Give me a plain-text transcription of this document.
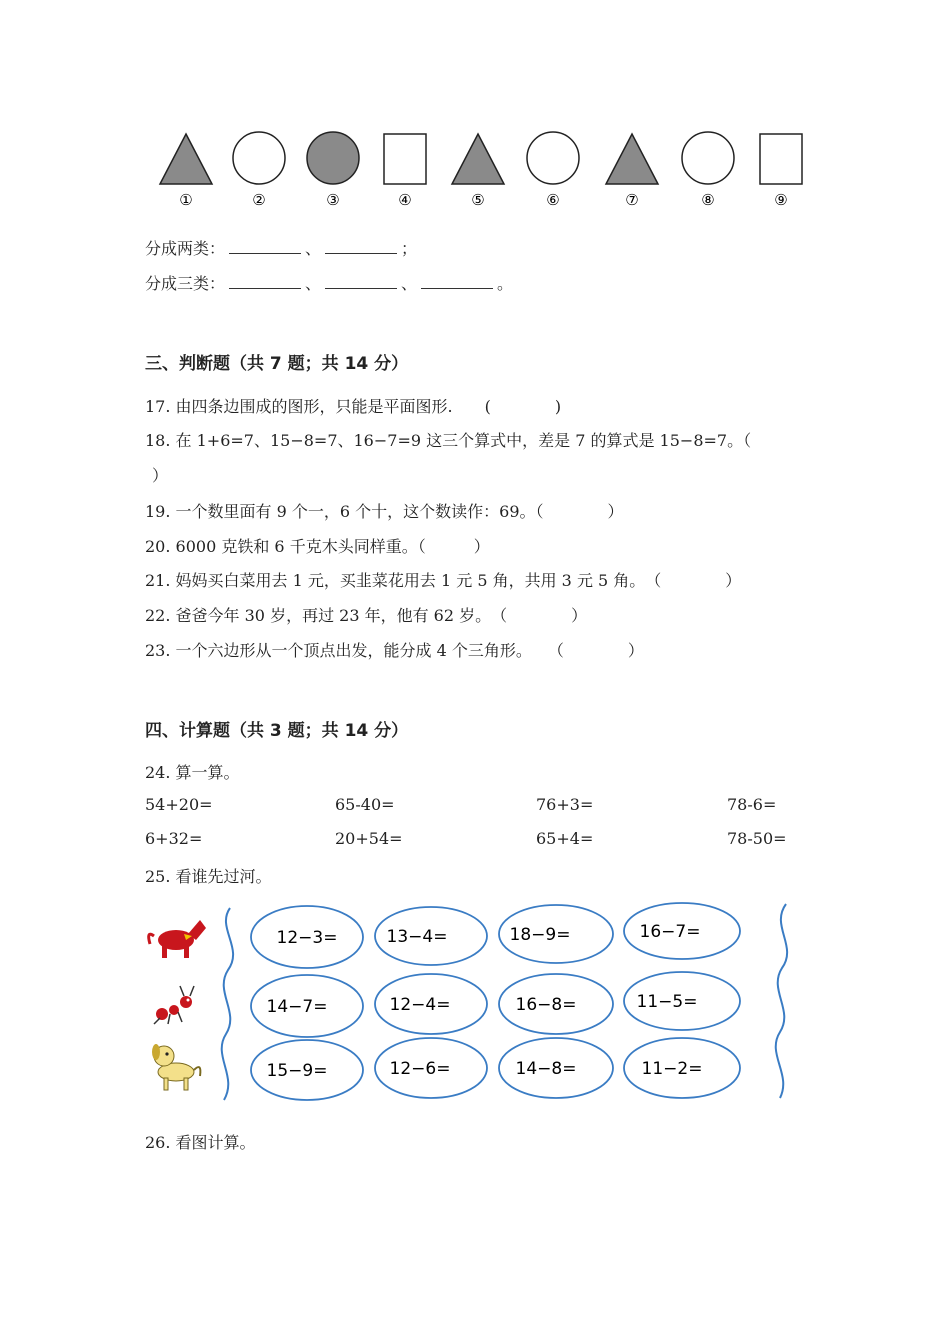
①	②	③	④	⑤	⑥	⑦	⑧	⑨
分成两类：	、	；
分成三类：	、	、	。
三、判断题（共 7 题；共 14 分）
17. 由四条边围成的图形，只能是平面图形.　　(　　　　)
18. 在 1+6=7、15−8=7、16−7=9 这三个算式中，差是 7 的算式是 15−8=7。（
）
19. 一个数里面有 9 个一，6 个十，这个数读作：69。（　　　　）
20. 6000 克铁和 6 千克木头同样重。（　　　）
21. 妈妈买白菜用去 1 元，买韭菜花用去 1 元 5 角，共用 3 元 5 角。　（　　　　）
22. 爸爸今年 30 岁，再过 23 年，他有 62 岁。　（　　　　）
23. 一个六边形从一个顶点出发，能分成 4 个三角形。　　（　　　　）
四、计算题（共 3 题；共 14 分）
24. 算一算。
54+20=	65-40=	76+3=	78-6=
6+32=	20+54=	65+4=	78-50=
25. 看谁先过河。
12−3=	13−4=	18−9=	16−7=
14−7=	12−4=	16−8=	11−5=
15−9=	12−6=	14−8=	11−2=
26. 看图计算。
